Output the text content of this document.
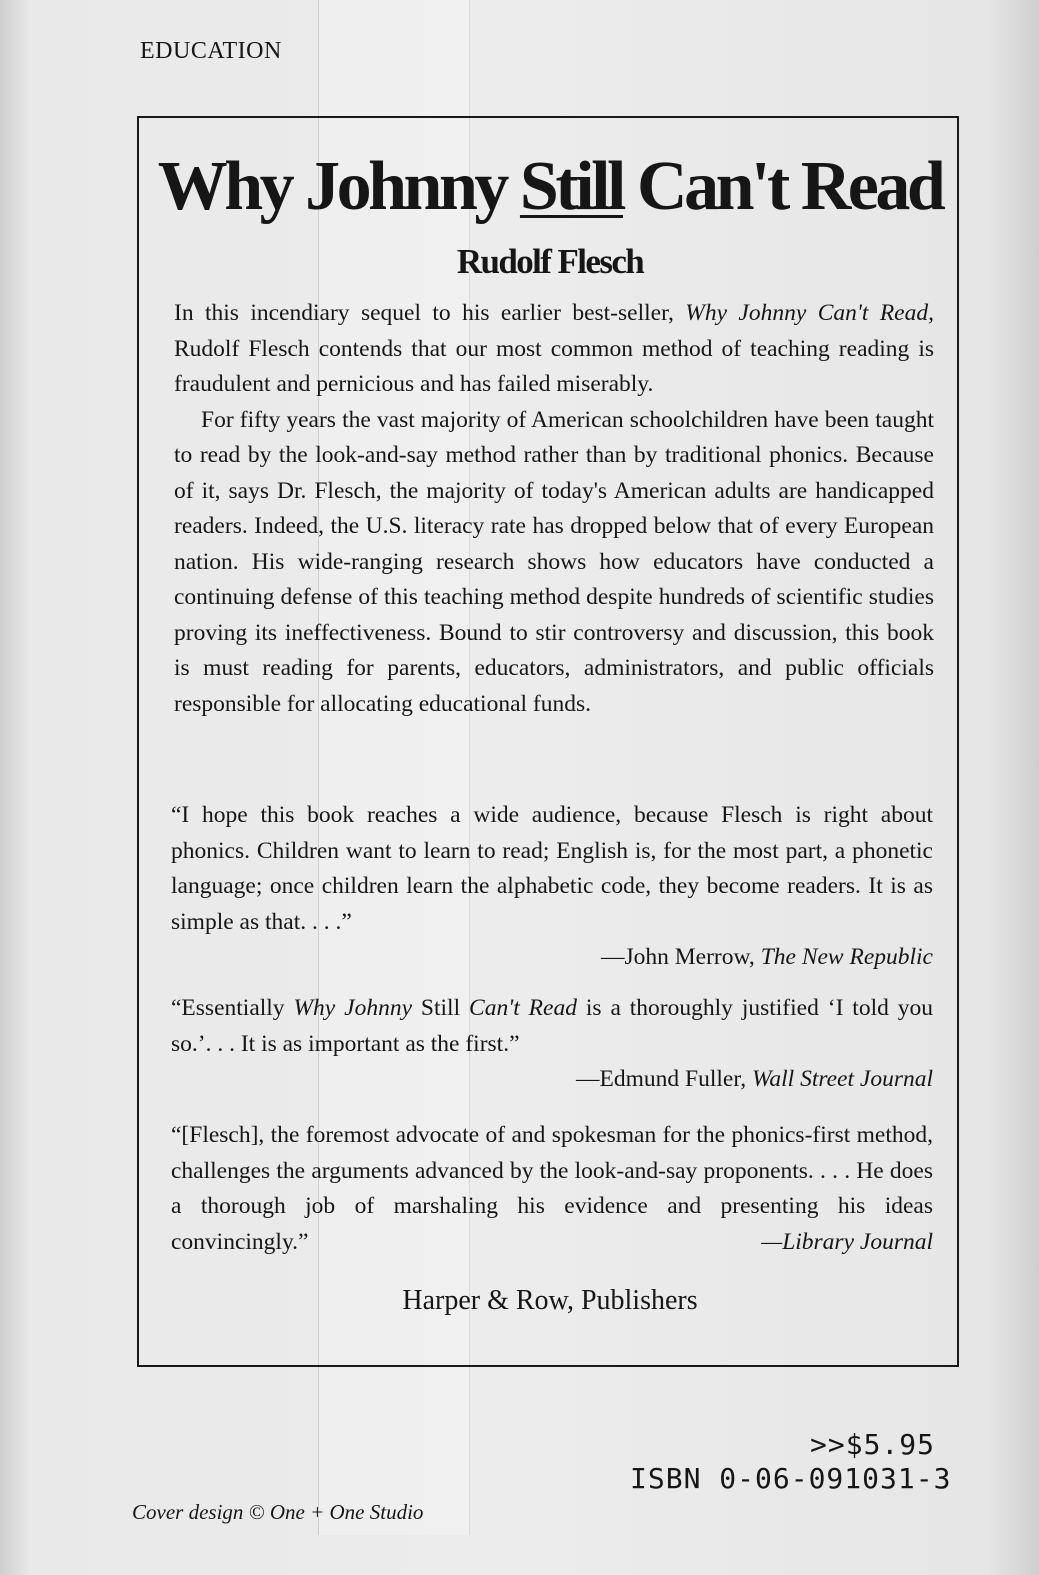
EDUCATION
Why Johnny Still Can't Read
Rudolf Flesch

In this incendiary sequel to his earlier best-seller, Why Johnny Can't Read, Rudolf Flesch contends that our most common method of teaching reading is fraudulent and pernicious and has failed miserably.

For fifty years the vast majority of American schoolchildren have been taught to read by the look-and-say method rather than by traditional phonics. Because of it, says Dr. Flesch, the majority of today's American adults are handicapped readers. Indeed, the U.S. literacy rate has dropped below that of every European nation. His wide-ranging research shows how educators have conducted a continuing defense of this teaching method despite hundreds of scientific studies proving its ineffectiveness. Bound to stir controversy and discussion, this book is must reading for parents, educators, administrators, and public officials responsible for allocating educational funds.

“I hope this book reaches a wide audience, because Flesch is right about phonics. Children want to learn to read; English is, for the most part, a phonetic language; once children learn the alphabetic code, they become readers. It is as simple as that. . . .”

—John Merrow, The New Republic

“Essentially Why Johnny Still Can't Read is a thoroughly justified ‘I told you so.’. . . It is as important as the first.”

—Edmund Fuller, Wall Street Journal

“[Flesch], the foremost advocate of and spokesman for the phonics-first method, challenges the arguments advanced by the look-and-say proponents. . . . He does a thorough job of marshaling his evidence and presenting his ideas convincingly.”	—Library Journal

Harper & Row, Publishers
>>$5.95
ISBN 0-06-091031-3
Cover design © One + One Studio
